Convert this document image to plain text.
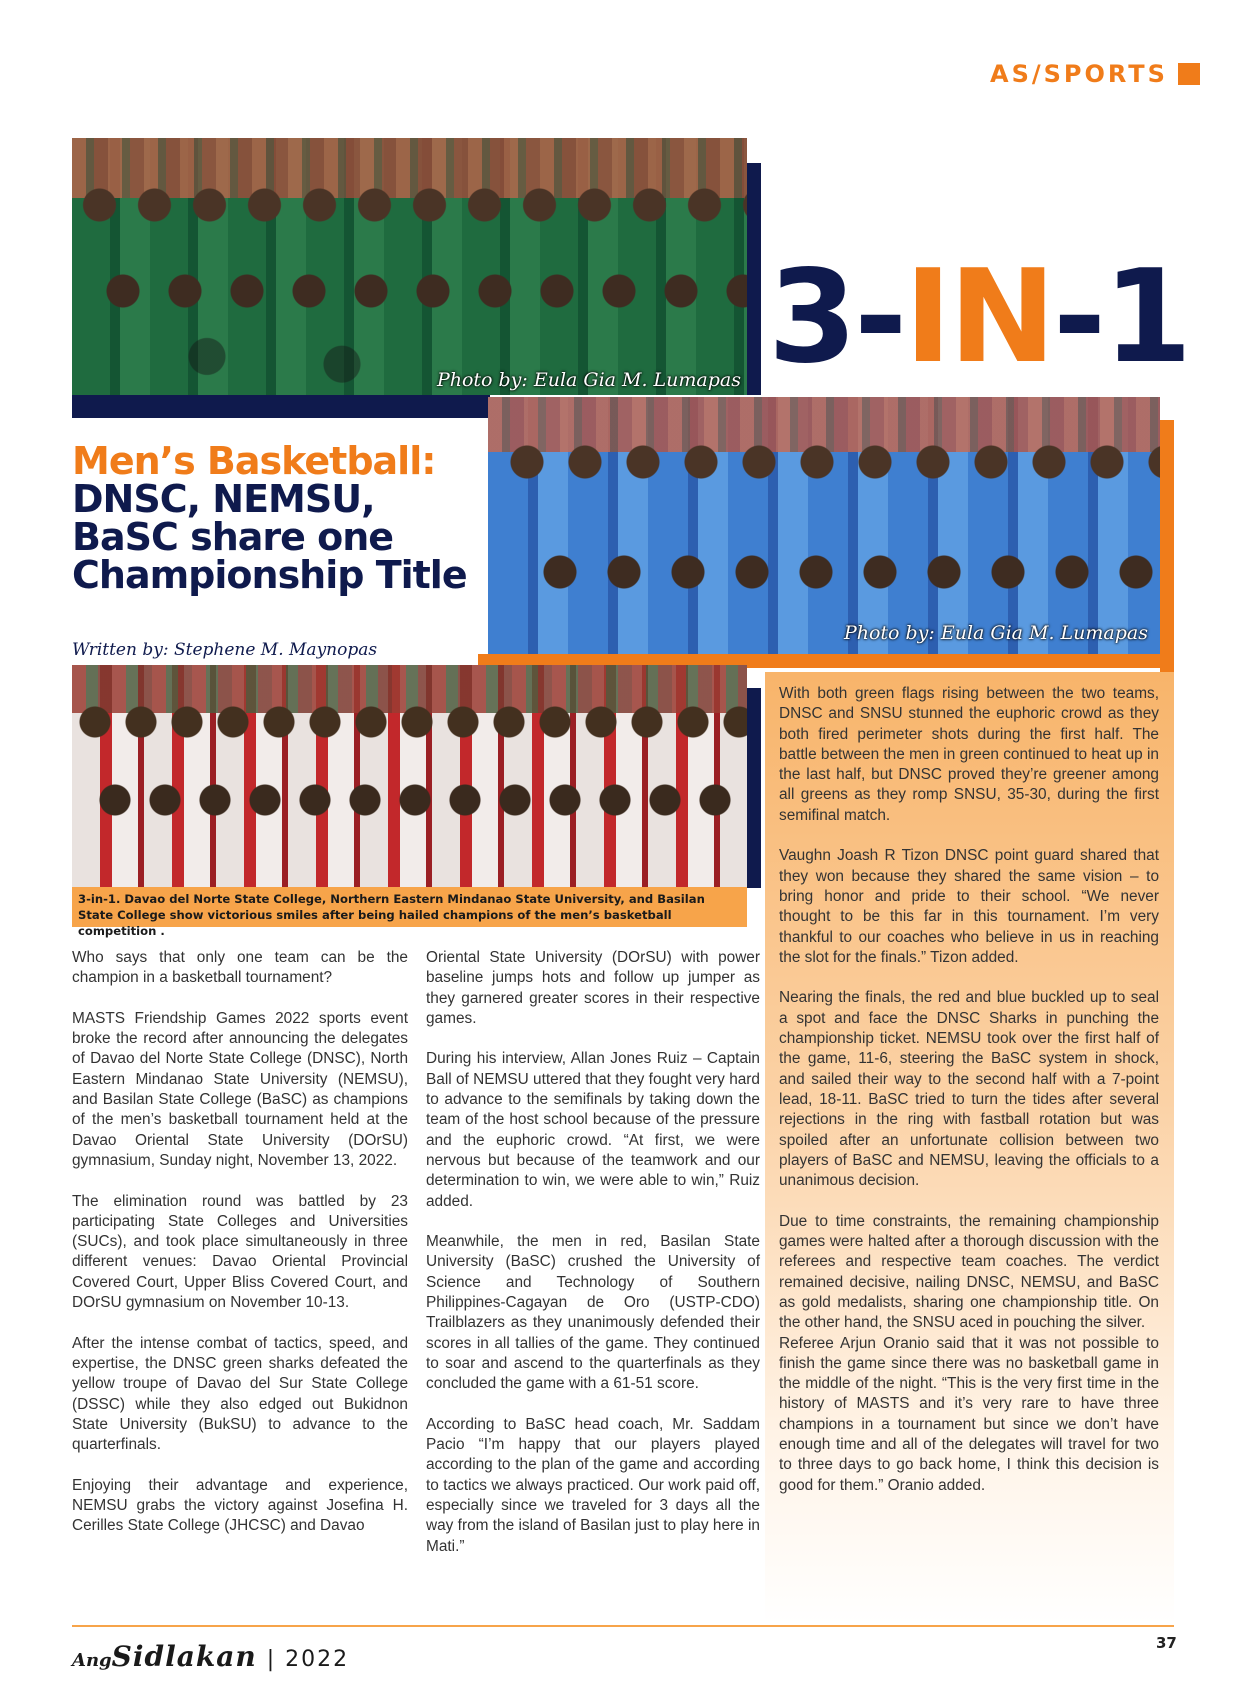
AS/SPORTS
Photo by: Eula Gia M. Lumapas 3-IN-1
Photo by: Eula Gia M. Lumapas
Men’s Basketball:
DNSC, NEMSU, BaSC share one Championship Title
Written by: Stephene M. Maynopas
3-in-1. Davao del Norte State College, Northern Eastern Mindanao State University, and Basilan State College show victorious smiles after being hailed champions of the men’s basketball competition .

Who says that only one team can be the champion in a basketball tournament?

MASTS Friendship Games 2022 sports event broke the record after announcing the delegates of Davao del Norte State College (DNSC), North Eastern Mindanao State University (NEMSU), and Basilan State College (BaSC) as champions of the men’s basketball tournament held at the Davao Oriental State University (DOrSU) gymnasium, Sunday night, November 13, 2022.

The elimination round was battled by 23 participating State Colleges and Universities (SUCs), and took place simultaneously in three different venues: Davao Oriental Provincial Covered Court, Upper Bliss Covered Court, and DOrSU gymnasium on November 10-13.

After the intense combat of tactics, speed, and expertise, the DNSC green sharks defeated the yellow troupe of Davao del Sur State College (DSSC) while they also edged out Bukidnon State University (BukSU) to advance to the quarterfinals.

Enjoying their advantage and experience, NEMSU grabs the victory against Josefina H. Cerilles State College (JHCSC) and Davao

Oriental State University (DOrSU) with power baseline jumps hots and follow up jumper as they garnered greater scores in their respective games.

During his interview, Allan Jones Ruiz – Captain Ball of NEMSU uttered that they fought very hard to advance to the semifinals by taking down the team of the host school because of the pressure and the euphoric crowd. “At first, we were nervous but because of the teamwork and our determination to win, we were able to win,” Ruiz added.

Meanwhile, the men in red, Basilan State University (BaSC) crushed the University of Science and Technology of Southern Philippines-Cagayan de Oro (USTP-CDO) Trailblazers as they unanimously defended their scores in all tallies of the game. They continued to soar and ascend to the quarterfinals as they concluded the game with a 61-51 score.

According to BaSC head coach, Mr. Saddam Pacio “I’m happy that our players played according to the plan of the game and according to tactics we always practiced. Our work paid off, especially since we traveled for 3 days all the way from the island of Basilan just to play here in Mati.”

With both green flags rising between the two teams, DNSC and SNSU stunned the euphoric crowd as they both fired perimeter shots during the first half. The battle between the men in green continued to heat up in the last half, but DNSC proved they’re greener among all greens as they romp SNSU, 35-30, during the first semifinal match.

Vaughn Joash R Tizon DNSC point guard shared that they won because they shared the same vision – to bring honor and pride to their school. “We never thought to be this far in this tournament. I’m very thankful to our coaches who believe in us in reaching the slot for the finals.” Tizon added.

Nearing the finals, the red and blue buckled up to seal a spot and face the DNSC Sharks in punching the championship ticket. NEMSU took over the first half of the game, 11-6, steering the BaSC system in shock, and sailed their way to the second half with a 7-point lead, 18-11. BaSC tried to turn the tides after several rejections in the ring with fastball rotation but was spoiled after an unfortunate collision between two players of BaSC and NEMSU, leaving the officials to a unanimous decision.

Due to time constraints, the remaining championship games were halted after a thorough discussion with the referees and respective team coaches. The verdict remained decisive, nailing DNSC, NEMSU, and BaSC as gold medalists, sharing one championship title. On the other hand, the SNSU aced in pouching the silver.

Referee Arjun Oranio said that it was not possible to finish the game since there was no basketball game in the middle of the night. “This is the very first time in the history of MASTS and it’s very rare to have three champions in a tournament but since we don’t have enough time and all of the delegates will travel for two to three days to go back home, I think this decision is good for them.” Oranio added.

Ang Sidlakan | 2022
37
